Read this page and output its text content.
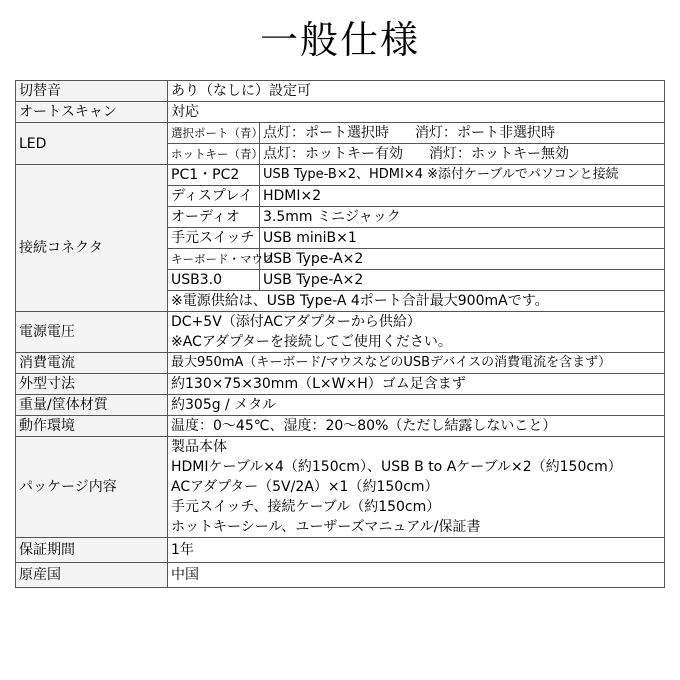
一般仕様
切替音	あり（なしに）設定可	
オートスキャン	対応	
LED	選択ポート（青）	点灯：ポート選択時 消灯：ポート非選択時
	ホットキー（青）	点灯：ホットキー有効 消灯：ホットキー無効

接続コネクタ	PC1・PC2	USB Type-B×2、HDMI×4 ※添付ケーブルでパソコンと接続
	ディスプレイ	HDMI×2
	オーディオ	3.5mm ミニジャック
	手元スイッチ	USB miniB×1
	キーボード・マウス	USB Type-A×2
	USB3.0	USB Type-A×2
	※電源供給は、USB Type-A 4ポート合計最大900mAです。	
電源電圧	DC+5V（添付ACアダプターから供給）
※ACアダプターを接続してご使用ください。	

消費電流	最大950mA（キーボード/マウスなどのUSBデバイスの消費電流を含まず）	
外型寸法	約130×75×30mm（L×W×H）ゴム足含まず	
重量/筐体材質	約305g / メタル	
動作環境	温度：0〜45℃、湿度：20〜80%（ただし結露しないこと）	
パッケージ内容	製品本体
HDMIケーブル×4（約150cm）、USB B to Aケーブル×2（約150cm）
ACアダプター（5V/2A）×1（約150cm）
手元スイッチ、接続ケーブル（約150cm）
ホットキーシール、ユーザーズマニュアル/保証書	

保証期間	1年	
原産国	中国	
